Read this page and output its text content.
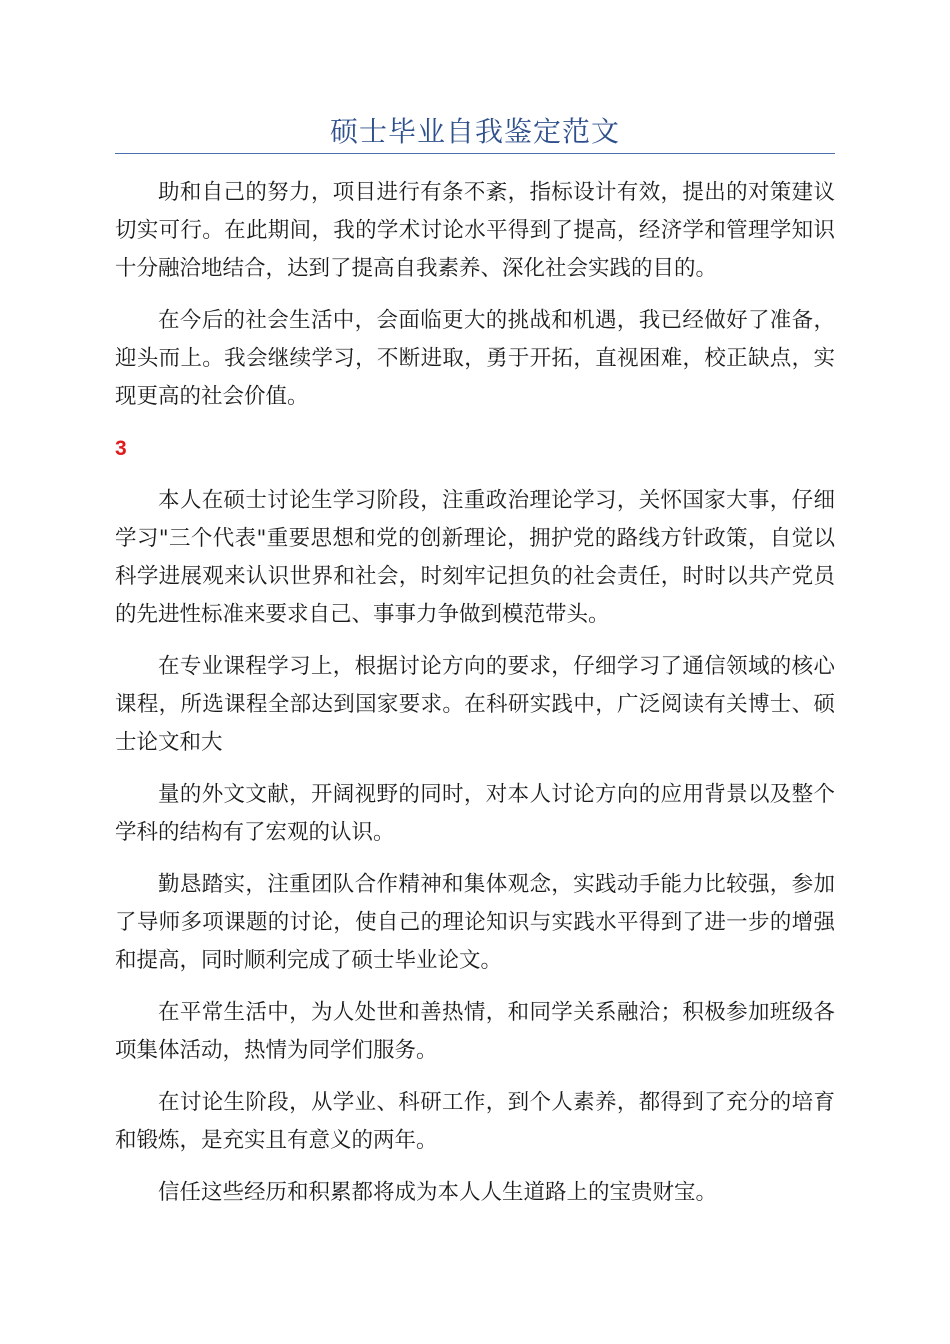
硕士毕业自我鉴定范文

助和自己的努力，项目进行有条不紊，指标设计有效，提出的对策建议切实可行。在此期间，我的学术讨论水平得到了提高，经济学和管理学知识十分融洽地结合，达到了提高自我素养、深化社会实践的目的。

在今后的社会生活中，会面临更大的挑战和机遇，我已经做好了准备，迎头而上。我会继续学习，不断进取，勇于开拓，直视困难，校正缺点，实现更高的社会价值。

3

本人在硕士讨论生学习阶段，注重政治理论学习，关怀国家大事，仔细学习"三个代表"重要思想和党的创新理论，拥护党的路线方针政策，自觉以科学进展观来认识世界和社会，时刻牢记担负的社会责任，时时以共产党员的先进性标准来要求自己、事事力争做到模范带头。

在专业课程学习上，根据讨论方向的要求，仔细学习了通信领域的核心课程，所选课程全部达到国家要求。在科研实践中，广泛阅读有关博士、硕士论文和大

量的外文文献，开阔视野的同时，对本人讨论方向的应用背景以及整个学科的结构有了宏观的认识。

勤恳踏实，注重团队合作精神和集体观念，实践动手能力比较强，参加了导师多项课题的讨论，使自己的理论知识与实践水平得到了进一步的增强和提高，同时顺利完成了硕士毕业论文。

在平常生活中，为人处世和善热情，和同学关系融洽；积极参加班级各项集体活动，热情为同学们服务。

在讨论生阶段，从学业、科研工作，到个人素养，都得到了充分的培育和锻炼，是充实且有意义的两年。

信任这些经历和积累都将成为本人人生道路上的宝贵财宝。
